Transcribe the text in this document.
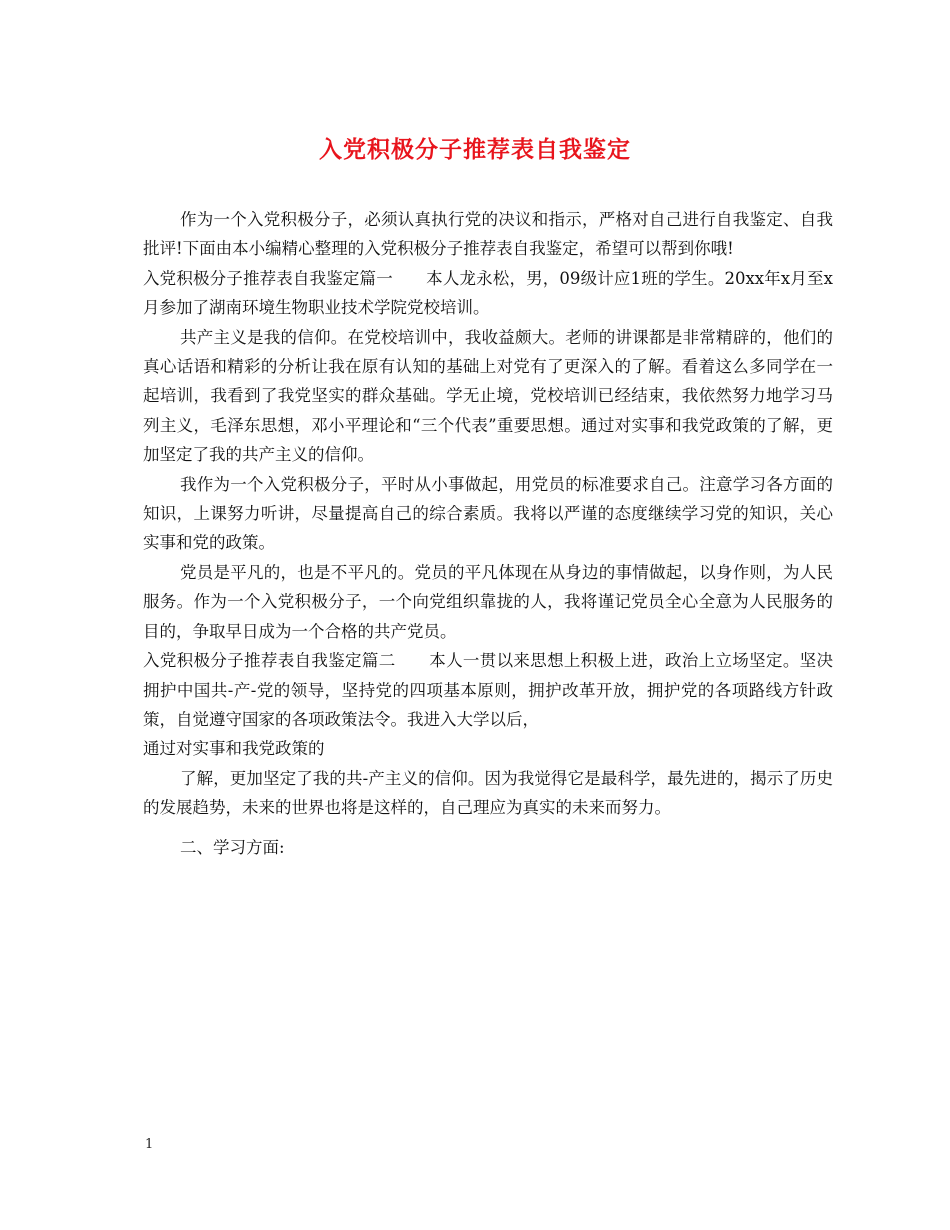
入党积极分子推荐表自我鉴定

作为一个入党积极分子，必须认真执行党的决议和指示，严格对自己进行自我鉴定、自我批评!下面由本小编精心整理的入党积极分子推荐表自我鉴定，希望可以帮到你哦!

入党积极分子推荐表自我鉴定篇一　　本人龙永松，男，09级计应1班的学生。20xx年x月至x月参加了湖南环境生物职业技术学院党校培训。

共产主义是我的信仰。在党校培训中，我收益颇大。老师的讲课都是非常精辟的，他们的真心话语和精彩的分析让我在原有认知的基础上对党有了更深入的了解。看着这么多同学在一起培训，我看到了我党坚实的群众基础。学无止境，党校培训已经结束，我依然努力地学习马列主义，毛泽东思想，邓小平理论和“三个代表”重要思想。通过对实事和我党政策的了解，更加坚定了我的共产主义的信仰。

我作为一个入党积极分子，平时从小事做起，用党员的标准要求自己。注意学习各方面的知识，上课努力听讲，尽量提高自己的综合素质。我将以严谨的态度继续学习党的知识，关心实事和党的政策。

党员是平凡的，也是不平凡的。党员的平凡体现在从身边的事情做起，以身作则，为人民服务。作为一个入党积极分子，一个向党组织靠拢的人，我将谨记党员全心全意为人民服务的目的，争取早日成为一个合格的共产党员。

入党积极分子推荐表自我鉴定篇二　　本人一贯以来思想上积极上进，政治上立场坚定。坚决拥护中国共-产-党的领导，坚持党的四项基本原则，拥护改革开放，拥护党的各项路线方针政策，自觉遵守国家的各项政策法令。我进入大学以后，

通过对实事和我党政策的

了解，更加坚定了我的共-产主义的信仰。因为我觉得它是最科学，最先进的，揭示了历史的发展趋势，未来的世界也将是这样的，自己理应为真实的未来而努力。

二、学习方面:

1
